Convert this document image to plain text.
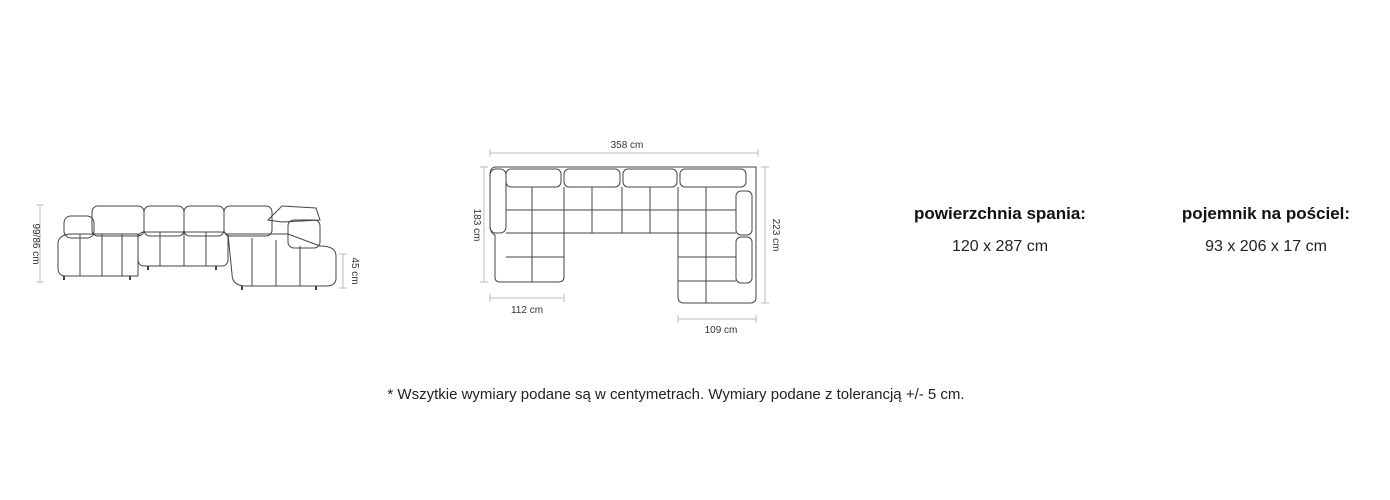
99/86 cm
45 cm
358 cm
183 cm	223 cm
112 cm
109 cm
powierzchnia spania:
120 x 287 cm
pojemnik na pościel:
93 x 206 x 17 cm
* Wszytkie wymiary podane są w centymetrach. Wymiary podane z tolerancją +/- 5 cm.
